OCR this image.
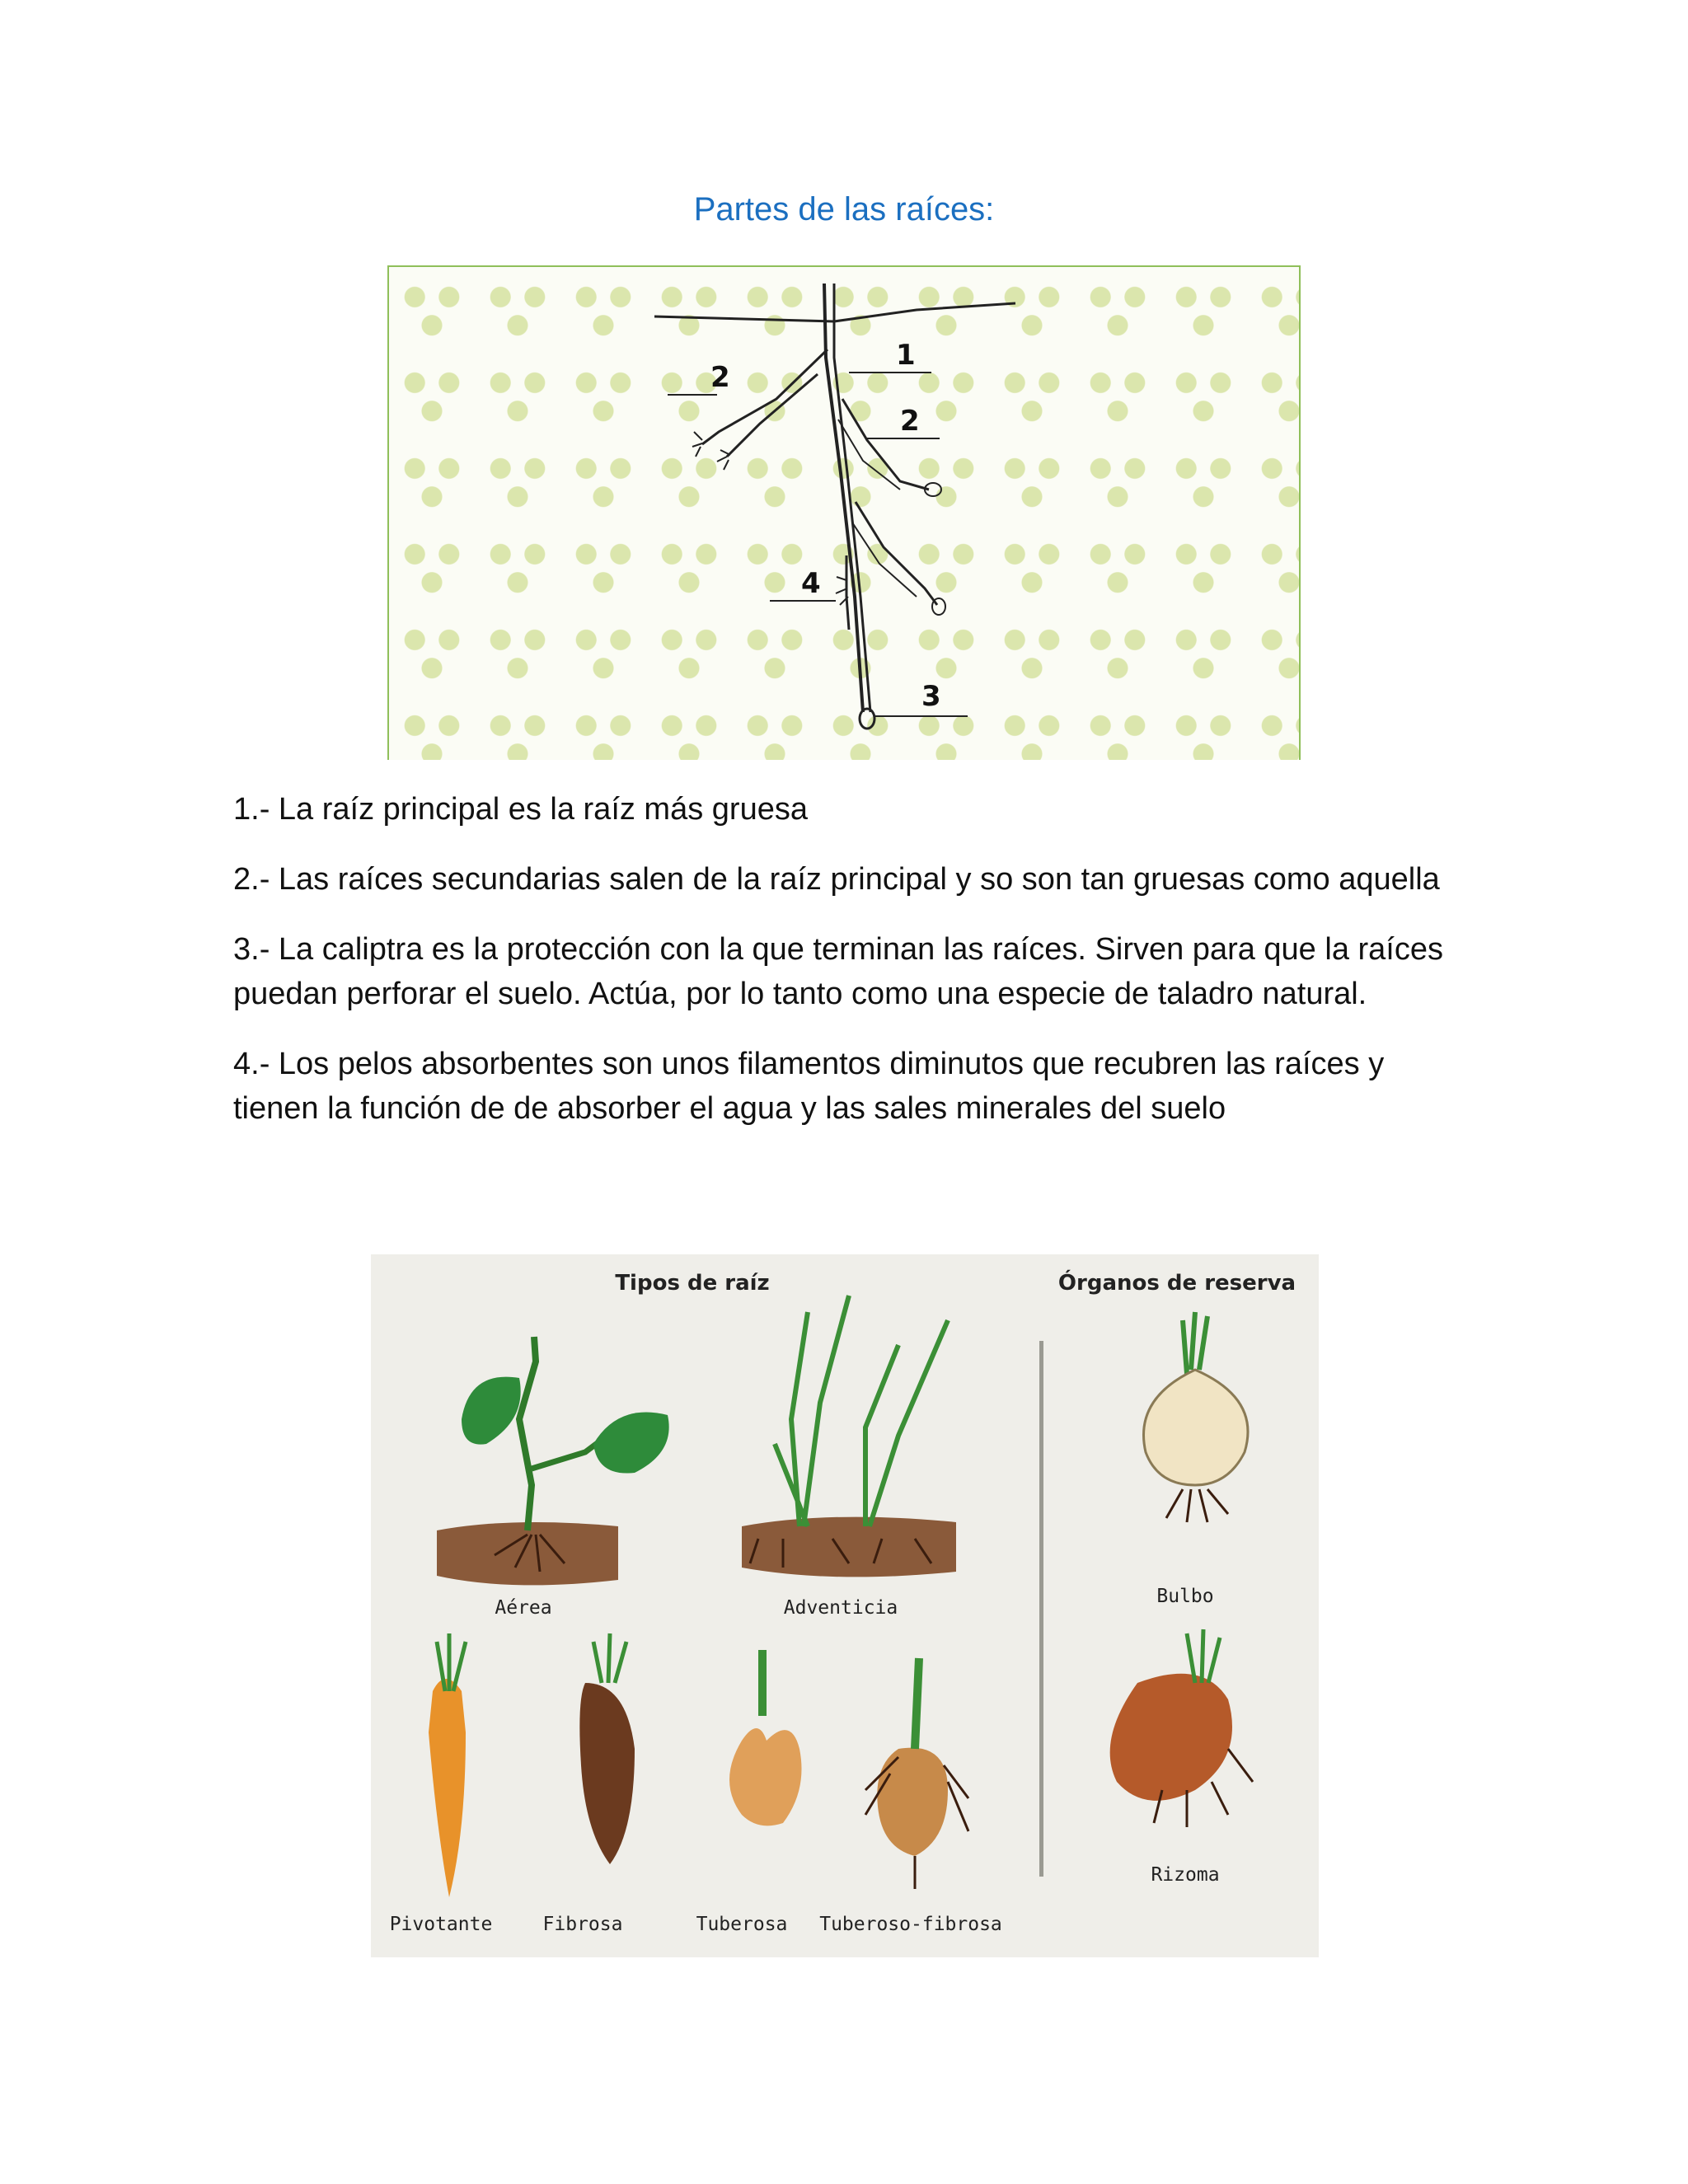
Partes de las raíces:
1
2
2
3
4

1.- La raíz principal es la raíz más gruesa

2.- Las raíces secundarias salen de la raíz principal y so son tan gruesas como aquella

3.- La caliptra es la protección con la que terminan las raíces. Sirven para que la raíces puedan perforar el suelo. Actúa, por lo tanto como una especie de taladro natural.

4.- Los pelos absorbentes son unos filamentos diminutos que recubren las raíces y tienen la función de de absorber el agua y las sales minerales del suelo

Tipos de raíz	Órganos de reserva
Aérea	Adventicia
Bulbo
Pivotante	Fibrosa	Tuberosa Tuberoso-fibrosa
Rizoma
